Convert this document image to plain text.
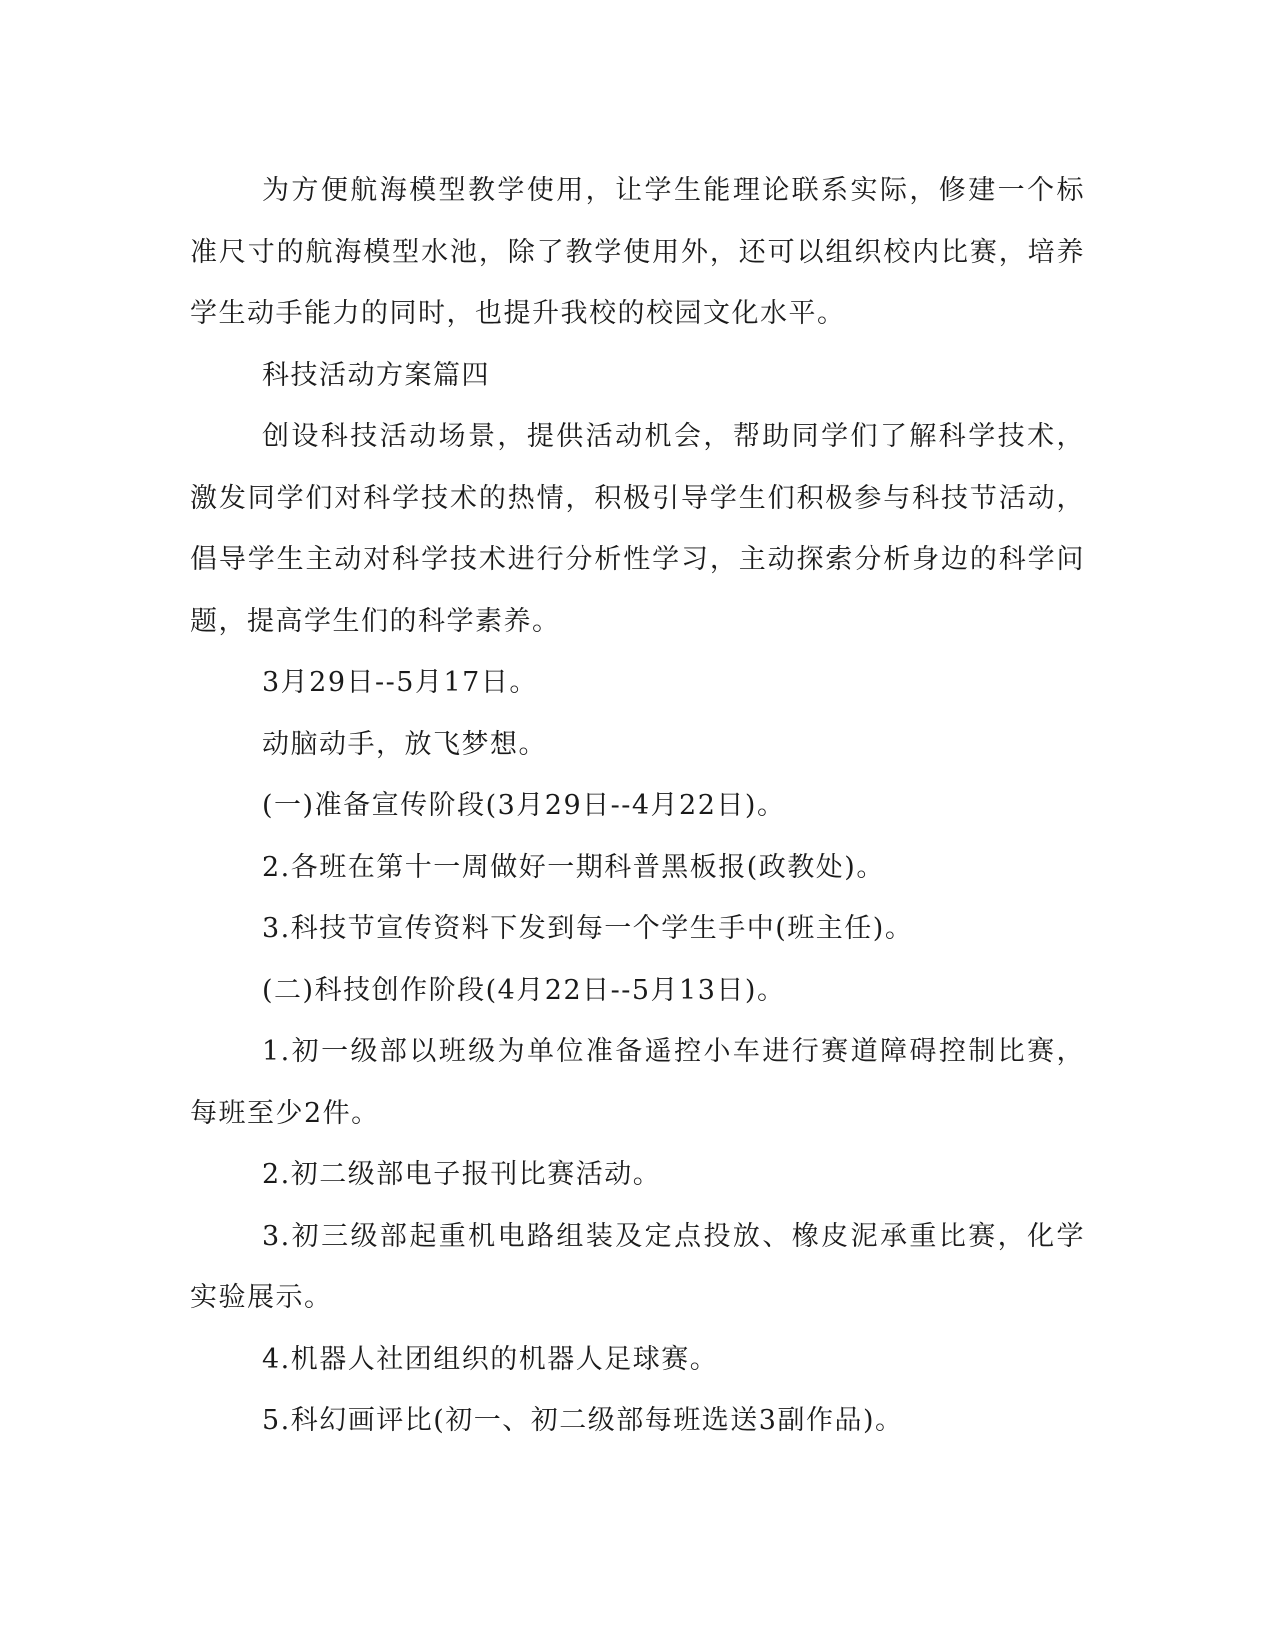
为方便航海模型教学使用，让学生能理论联系实际，修建一个标准尺寸的航海模型水池，除了教学使用外，还可以组织校内比赛，培养学生动手能力的同时，也提升我校的校园文化水平。

科技活动方案篇四

创设科技活动场景，提供活动机会，帮助同学们了解科学技术，激发同学们对科学技术的热情，积极引导学生们积极参与科技节活动，倡导学生主动对科学技术进行分析性学习，主动探索分析身边的科学问题，提高学生们的科学素养。

3月29日--5月17日。

动脑动手，放飞梦想。

(一)准备宣传阶段(3月29日--4月22日)。

2.各班在第十一周做好一期科普黑板报(政教处)。

3.科技节宣传资料下发到每一个学生手中(班主任)。

(二)科技创作阶段(4月22日--5月13日)。

1.初一级部以班级为单位准备遥控小车进行赛道障碍控制比赛，每班至少2件。

2.初二级部电子报刊比赛活动。

3.初三级部起重机电路组装及定点投放、橡皮泥承重比赛，化学实验展示。

4.机器人社团组织的机器人足球赛。

5.科幻画评比(初一、初二级部每班选送3副作品)。
